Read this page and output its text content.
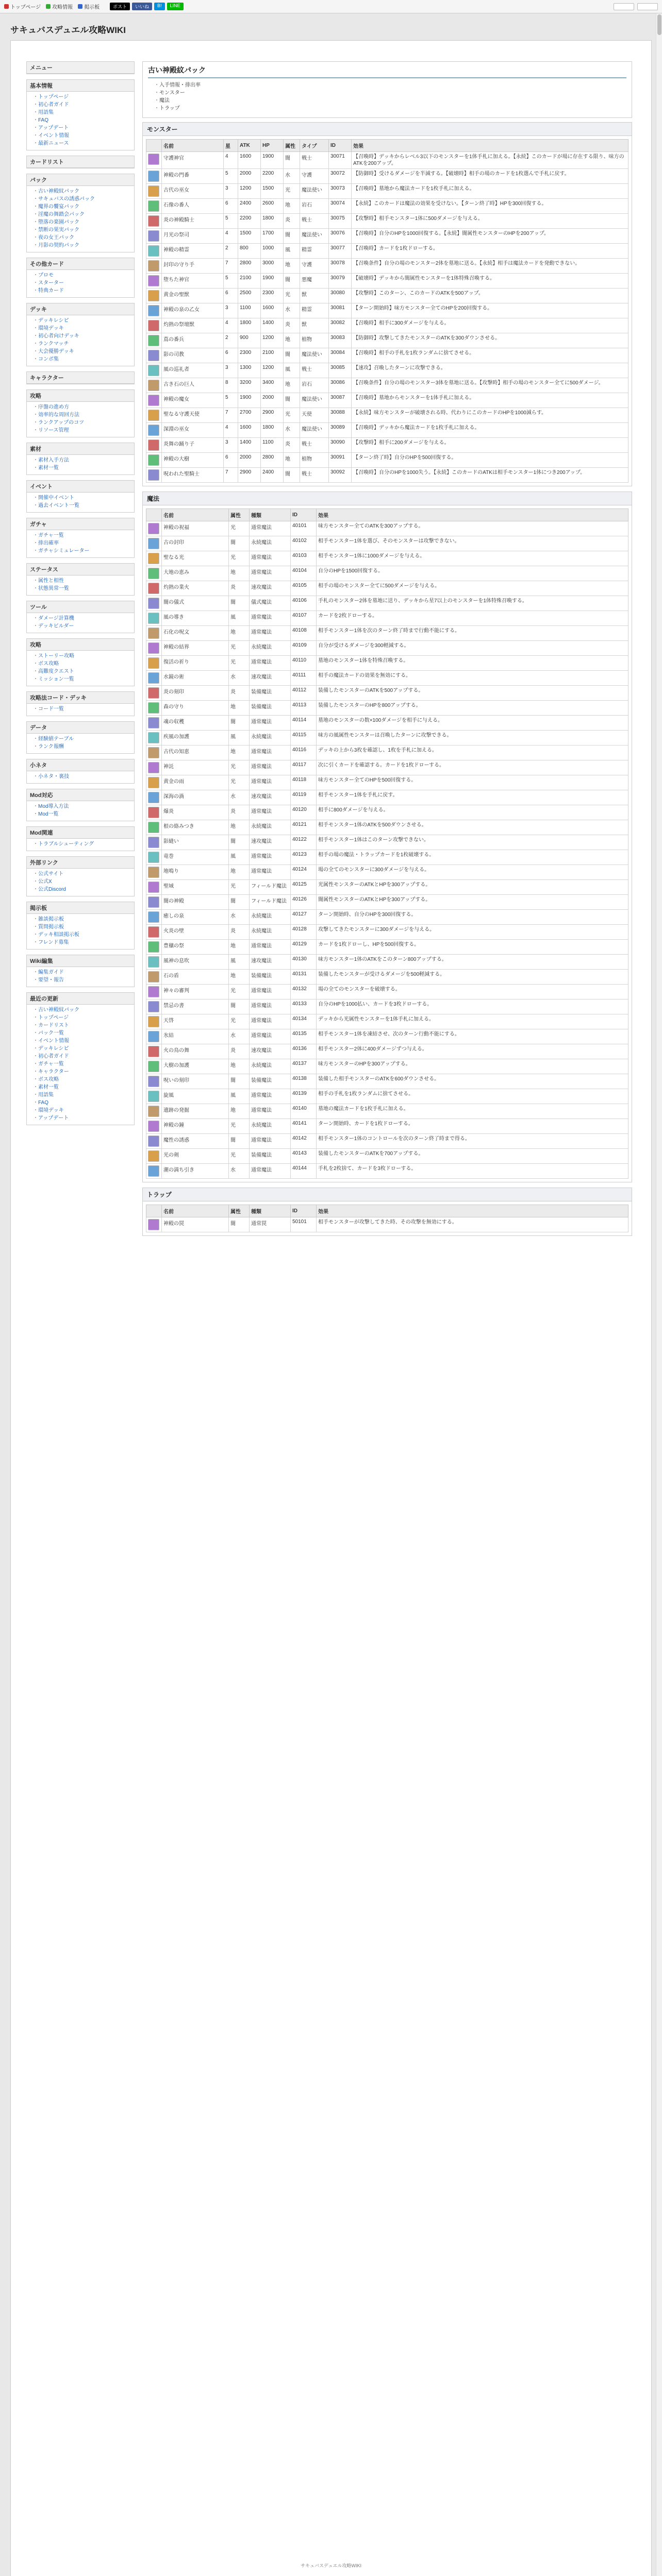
トップページ 攻略情報 掲示板	ポスト	いいね	B!	LINE
サキュバスデュエル攻略WIKI
メニュー
基本情報
・ トップページ
・ 初心者ガイド
・ 用語集
・ FAQ
・ アップデート
・ イベント情報
・ 最新ニュース
カードリスト
パック
・ 古い神殿紋パック
・ サキュバスの誘惑パック
・ 魔界の饗宴パック
・ 淫魔の舞踏会パック
・ 堕落の楽園パック
・ 禁断の果実パック
・ 夜の女王パック
・ 月影の契約パック
その他カード
・ プロモ
・ スターター
・ 特典カード
デッキ
・ デッキレシピ
・ 環境デッキ
・ 初心者向けデッキ
・ ランクマッチ
・ 大会優勝デッキ
・ コンボ集
キャラクター
攻略
・ 序盤の進め方
・ 効率的な周回方法
・ ランクアップのコツ
・ リソース管理
素材
・ 素材入手方法
・ 素材一覧
イベント
・ 開催中イベント
・ 過去イベント一覧
ガチャ
・ ガチャ一覧
・ 排出確率
・ ガチャシミュレーター
ステータス
・ 属性と相性
・ 状態異常一覧
ツール
・ ダメージ計算機
・ デッキビルダー
攻略
・ ストーリー攻略
・ ボス攻略
・ 高難度クエスト
・ ミッション一覧
攻略法コード・デッキ
・ コード一覧
データ
・ 経験値テーブル
・ ランク報酬
小ネタ
・ 小ネタ・裏技
Mod対応
・ Mod導入方法
・ Mod一覧
Mod関連
・ トラブルシューティング
外部リンク
・ 公式サイト
・ 公式X
・ 公式Discord
掲示板
・ 雑談掲示板
・ 質問掲示板
・ デッキ相談掲示板
・ フレンド募集
Wiki編集
・ 編集ガイド
・ 要望・報告
最近の更新
・ 古い神殿紋パック
・ トップページ
・ カードリスト
・ パック一覧
・ イベント情報
・ デッキレシピ
・ 初心者ガイド
・ ガチャ一覧
・ キャラクター
・ ボス攻略
・ 素材一覧
・ 用語集
・ FAQ
・ 環境デッキ
・ アップデート
古い神殿紋パック
・ 入手情報・排出率
・ モンスター
・ 魔法
・ トラップ
モンスター
	名前	星	ATK	HP	属性	タイプ	ID	効果

	守護神官	4	1600	1900	闇	戦士	30071	【召喚時】デッキからレベル3以下のモンスターを1体手札に加える。【永続】このカードが場に存在する限り、味方のATKを200アップ。

	神殿の門番	5	2000	2200	水	守護	30072	【防御時】受けるダメージを半減する。【破壊時】相手の場のカードを1枚選んで手札に戻す。

	古代の巫女	3	1200	1500	光	魔法使い	30073	【召喚時】墓地から魔法カードを1枚手札に加える。

	石像の番人	6	2400	2600	地	岩石	30074	【永続】このカードは魔法の効果を受けない。【ターン終了時】HPを300回復する。

	炎の神殿騎士	5	2200	1800	炎	戦士	30075	【攻撃時】相手モンスター1体に500ダメージを与える。

	月光の祭司	4	1500	1700	闇	魔法使い	30076	【召喚時】自分のHPを1000回復する。【永続】闇属性モンスターのHPを200アップ。

	神殿の精霊	2	800	1000	風	精霊	30077	【召喚時】カードを1枚ドローする。

	封印の守り手	7	2800	3000	地	守護	30078	【召喚条件】自分の場のモンスター2体を墓地に送る。【永続】相手は魔法カードを発動できない。

	堕ちた神官	5	2100	1900	闇	悪魔	30079	【破壊時】デッキから闇属性モンスターを1体特殊召喚する。

	黄金の聖獣	6	2500	2300	光	獣	30080	【攻撃時】このターン、このカードのATKを500アップ。

	神殿の泉の乙女	3	1100	1600	水	精霊	30081	【ターン開始時】味方モンスター全てのHPを200回復する。

	灼熱の祭壇獣	4	1800	1400	炎	獣	30082	【召喚時】相手に300ダメージを与える。

	蔦の番兵	2	900	1200	地	植物	30083	【防御時】攻撃してきたモンスターのATKを300ダウンさせる。

	影の司教	6	2300	2100	闇	魔法使い	30084	【召喚時】相手の手札を1枚ランダムに捨てさせる。

	風の巡礼者	3	1300	1200	風	戦士	30085	【速攻】召喚したターンに攻撃できる。

	古き石の巨人	8	3200	3400	地	岩石	30086	【召喚条件】自分の場のモンスター3体を墓地に送る。【攻撃時】相手の場のモンスター全てに500ダメージ。

	神殿の魔女	5	1900	2000	闇	魔法使い	30087	【召喚時】墓地からモンスターを1体手札に加える。

	聖なる守護天使	7	2700	2900	光	天使	30088	【永続】味方モンスターが破壊される時、代わりにこのカードのHPを1000減らす。

	深淵の巫女	4	1600	1800	水	魔法使い	30089	【召喚時】デッキから魔法カードを1枚手札に加える。

	炎舞の踊り子	3	1400	1100	炎	戦士	30090	【攻撃時】相手に200ダメージを与える。

	神殿の大樹	6	2000	2800	地	植物	30091	【ターン終了時】自分のHPを500回復する。

	呪われた聖騎士	7	2900	2400	闇	戦士	30092	【召喚時】自分のHPを1000失う。【永続】このカードのATKは相手モンスター1体につき200アップ。
魔法
	名前	属性	種類	ID	効果

	神殿の祝福	光	通常魔法	40101	味方モンスター全てのATKを300アップする。

	古の封印	闇	永続魔法	40102	相手モンスター1体を選び、そのモンスターは攻撃できない。

	聖なる光	光	通常魔法	40103	相手モンスター1体に1000ダメージを与える。

	大地の恵み	地	通常魔法	40104	自分のHPを1500回復する。

	灼熱の業火	炎	速攻魔法	40105	相手の場のモンスター全てに500ダメージを与える。

	闇の儀式	闇	儀式魔法	40106	手札のモンスター2体を墓地に送り、デッキから星7以上のモンスターを1体特殊召喚する。

	風の導き	風	通常魔法	40107	カードを2枚ドローする。

	石化の呪文	地	通常魔法	40108	相手モンスター1体を次のターン終了時まで行動不能にする。

	神殿の結界	光	永続魔法	40109	自分が受けるダメージを300軽減する。

	復活の祈り	光	通常魔法	40110	墓地のモンスター1体を特殊召喚する。

	水鏡の術	水	速攻魔法	40111	相手の魔法カードの効果を無効にする。

	炎の刻印	炎	装備魔法	40112	装備したモンスターのATKを500アップする。

	森の守り	地	装備魔法	40113	装備したモンスターのHPを800アップする。

	魂の収穫	闇	通常魔法	40114	墓地のモンスターの数×100ダメージを相手に与える。

	疾風の加護	風	永続魔法	40115	味方の風属性モンスターは召喚したターンに攻撃できる。

	古代の知恵	地	通常魔法	40116	デッキの上から3枚を確認し、1枚を手札に加える。

	神託	光	通常魔法	40117	次に引くカードを確認する。カードを1枚ドローする。

	黄金の雨	光	通常魔法	40118	味方モンスター全てのHPを500回復する。

	深海の渦	水	速攻魔法	40119	相手モンスター1体を手札に戻す。

	爆炎	炎	通常魔法	40120	相手に800ダメージを与える。

	根の絡みつき	地	永続魔法	40121	相手モンスター1体のATKを500ダウンさせる。

	影縫い	闇	速攻魔法	40122	相手モンスター1体はこのターン攻撃できない。

	竜巻	風	通常魔法	40123	相手の場の魔法・トラップカードを1枚破壊する。

	地鳴り	地	通常魔法	40124	場の全てのモンスターに300ダメージを与える。

	聖域	光	フィールド魔法	40125	光属性モンスターのATKとHPを300アップする。

	闇の神殿	闇	フィールド魔法	40126	闇属性モンスターのATKとHPを300アップする。

	癒しの泉	水	永続魔法	40127	ターン開始時、自分のHPを300回復する。

	火炎の壁	炎	永続魔法	40128	攻撃してきたモンスターに300ダメージを与える。

	豊穣の祭	地	通常魔法	40129	カードを1枚ドローし、HPを500回復する。

	風神の息吹	風	速攻魔法	40130	味方モンスター1体のATKをこのターン800アップする。

	石の盾	地	装備魔法	40131	装備したモンスターが受けるダメージを500軽減する。

	神々の審判	光	通常魔法	40132	場の全てのモンスターを破壊する。

	禁忌の書	闇	通常魔法	40133	自分のHPを1000払い、カードを3枚ドローする。

	天啓	光	通常魔法	40134	デッキから光属性モンスターを1体手札に加える。

	氷結	水	通常魔法	40135	相手モンスター1体を凍結させ、次のターン行動不能にする。

	火の鳥の舞	炎	速攻魔法	40136	相手モンスター2体に400ダメージずつ与える。

	大樹の加護	地	永続魔法	40137	味方モンスターのHPを300アップする。

	呪いの刻印	闇	装備魔法	40138	装備した相手モンスターのATKを600ダウンさせる。

	旋風	風	通常魔法	40139	相手の手札を1枚ランダムに捨てさせる。

	遺跡の発掘	地	通常魔法	40140	墓地の魔法カードを1枚手札に加える。

	神殿の鐘	光	永続魔法	40141	ターン開始時、カードを1枚ドローする。

	魔性の誘惑	闇	通常魔法	40142	相手モンスター1体のコントロールを次のターン終了時まで得る。

	光の剣	光	装備魔法	40143	装備したモンスターのATKを700アップする。

	潮の満ち引き	水	通常魔法	40144	手札を2枚捨て、カードを3枚ドローする。
トラップ
	名前	属性	種類	ID	効果

	神殿の罠	闇	通常罠	50101	相手モンスターが攻撃してきた時、その攻撃を無効にする。
サキュバスデュエル攻略WIKI
